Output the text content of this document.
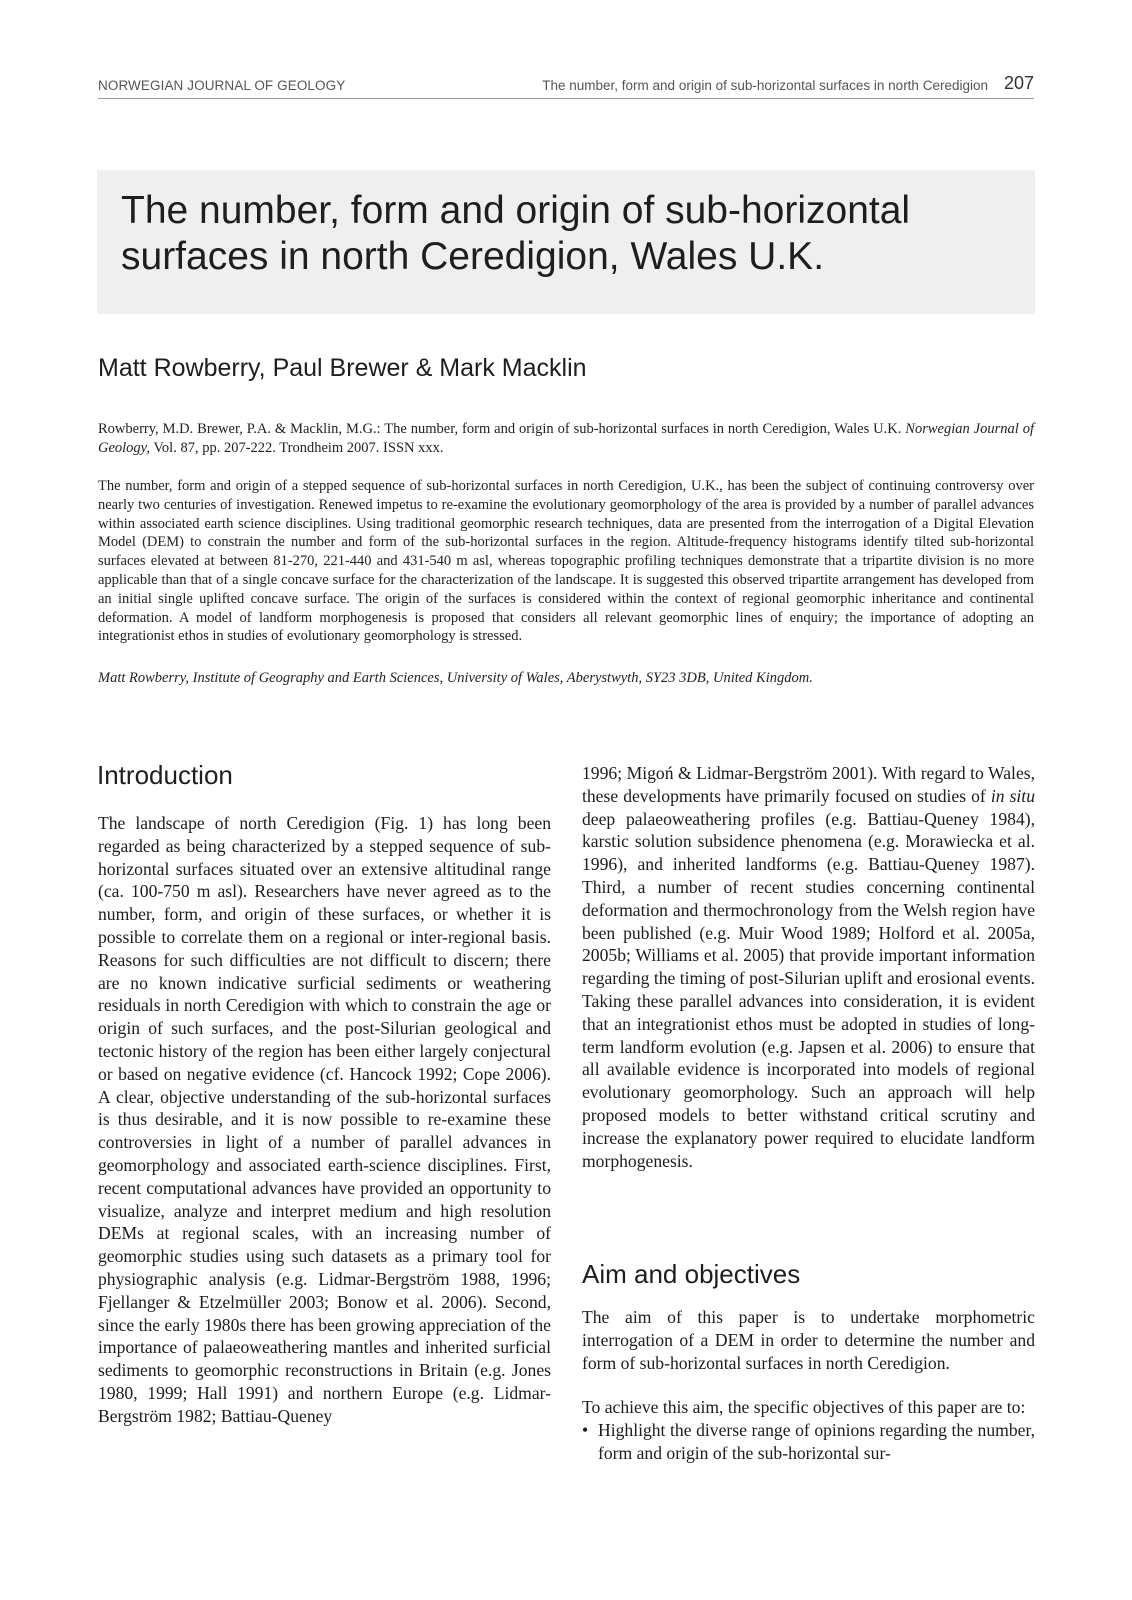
NORWEGIAN JOURNAL OF GEOLOGY	The number, form and origin of sub-horizontal surfaces in north Ceredigion 207
The number, form and origin of sub-horizontal surfaces in north Ceredigion, Wales U.K.
Matt Rowberry, Paul Brewer & Mark Macklin
Rowberry, M.D. Brewer, P.A. & Macklin, M.G.: The number, form and origin of sub-horizontal surfaces in north Ceredigion, Wales U.K. Norwegian Journal of Geology, Vol. 87, pp. 207-222. Trondheim 2007. ISSN xxx.
The number, form and origin of a stepped sequence of sub-horizontal surfaces in north Ceredigion, U.K., has been the subject of continuing controversy over nearly two centuries of investigation. Renewed impetus to re-examine the evolutionary geomorphology of the area is provided by a number of parallel advances within associated earth science disciplines. Using traditional geomorphic research techniques, data are presented from the interrogation of a Digital Elevation Model (DEM) to constrain the number and form of the sub-horizontal surfaces in the region. Altitude-frequency histograms identify tilted sub-horizontal surfaces elevated at between 81-270, 221-440 and 431-540 m asl, whereas topographic profiling techniques demonstrate that a tripartite division is no more applicable than that of a single concave surface for the characterization of the landscape. It is suggested this observed tripartite arrangement has developed from an initial single uplifted concave surface. The origin of the surfaces is considered within the context of regional geomorphic inheritance and continental deformation. A model of landform morphogenesis is proposed that considers all relevant geomorphic lines of enquiry; the importance of adopting an integrationist ethos in studies of evolutionary geomorphology is stressed.
Matt Rowberry, Institute of Geography and Earth Sciences, University of Wales, Aberystwyth, SY23 3DB, United Kingdom.
Introduction

The landscape of north Ceredigion (Fig. 1) has long been regarded as being characterized by a stepped sequence of sub-horizontal surfaces situated over an extensive altitudinal range (ca. 100-750 m asl). Researchers have never agreed as to the number, form, and origin of these surfaces, or whether it is possible to correlate them on a regional or inter-regional basis. Reasons for such difficulties are not difficult to discern; there are no known indicative surficial sediments or weathering residuals in north Ceredigion with which to constrain the age or origin of such surfaces, and the post-Silurian geological and tectonic history of the region has been either largely conjectural or based on negative evidence (cf. Hancock 1992; Cope 2006). A clear, objective understanding of the sub-horizontal surfaces is thus desirable, and it is now possible to re-examine these controversies in light of a number of parallel advances in geomorphology and associated earth-science disciplines. First, recent computational advances have provided an opportunity to visualize, analyze and interpret medium and high resolution DEMs at regional scales, with an increasing number of geomorphic studies using such datasets as a primary tool for physiographic analysis (e.g. Lidmar-Bergström 1988, 1996; Fjellanger & Etzelmüller 2003; Bonow et al. 2006). Second, since the early 1980s there has been growing appreciation of the importance of palaeoweathering mantles and inherited surficial sediments to geomorphic reconstructions in Britain (e.g. Jones 1980, 1999; Hall 1991) and northern Europe (e.g. Lidmar-Bergström 1982; Battiau-Queney

1996; Migoń & Lidmar-Bergström 2001). With regard to Wales, these developments have primarily focused on studies of in situ deep palaeoweathering profiles (e.g. Battiau-Queney 1984), karstic solution subsidence phenomena (e.g. Morawiecka et al. 1996), and inherited landforms (e.g. Battiau-Queney 1987). Third, a number of recent studies concerning continental deformation and thermochronology from the Welsh region have been published (e.g. Muir Wood 1989; Holford et al. 2005a, 2005b; Williams et al. 2005) that provide important information regarding the timing of post-Silurian uplift and erosional events. Taking these parallel advances into consideration, it is evident that an integrationist ethos must be adopted in studies of long-term landform evolution (e.g. Japsen et al. 2006) to ensure that all available evidence is incorporated into models of regional evolutionary geomorphology. Such an approach will help proposed models to better withstand critical scrutiny and increase the explanatory power required to elucidate landform morphogenesis.

Aim and objectives

The aim of this paper is to undertake morphometric interrogation of a DEM in order to determine the number and form of sub-horizontal surfaces in north Ceredigion.

To achieve this aim, the specific objectives of this paper are to:

• Highlight the diverse range of opinions regarding the number, form and origin of the sub-horizontal sur-
